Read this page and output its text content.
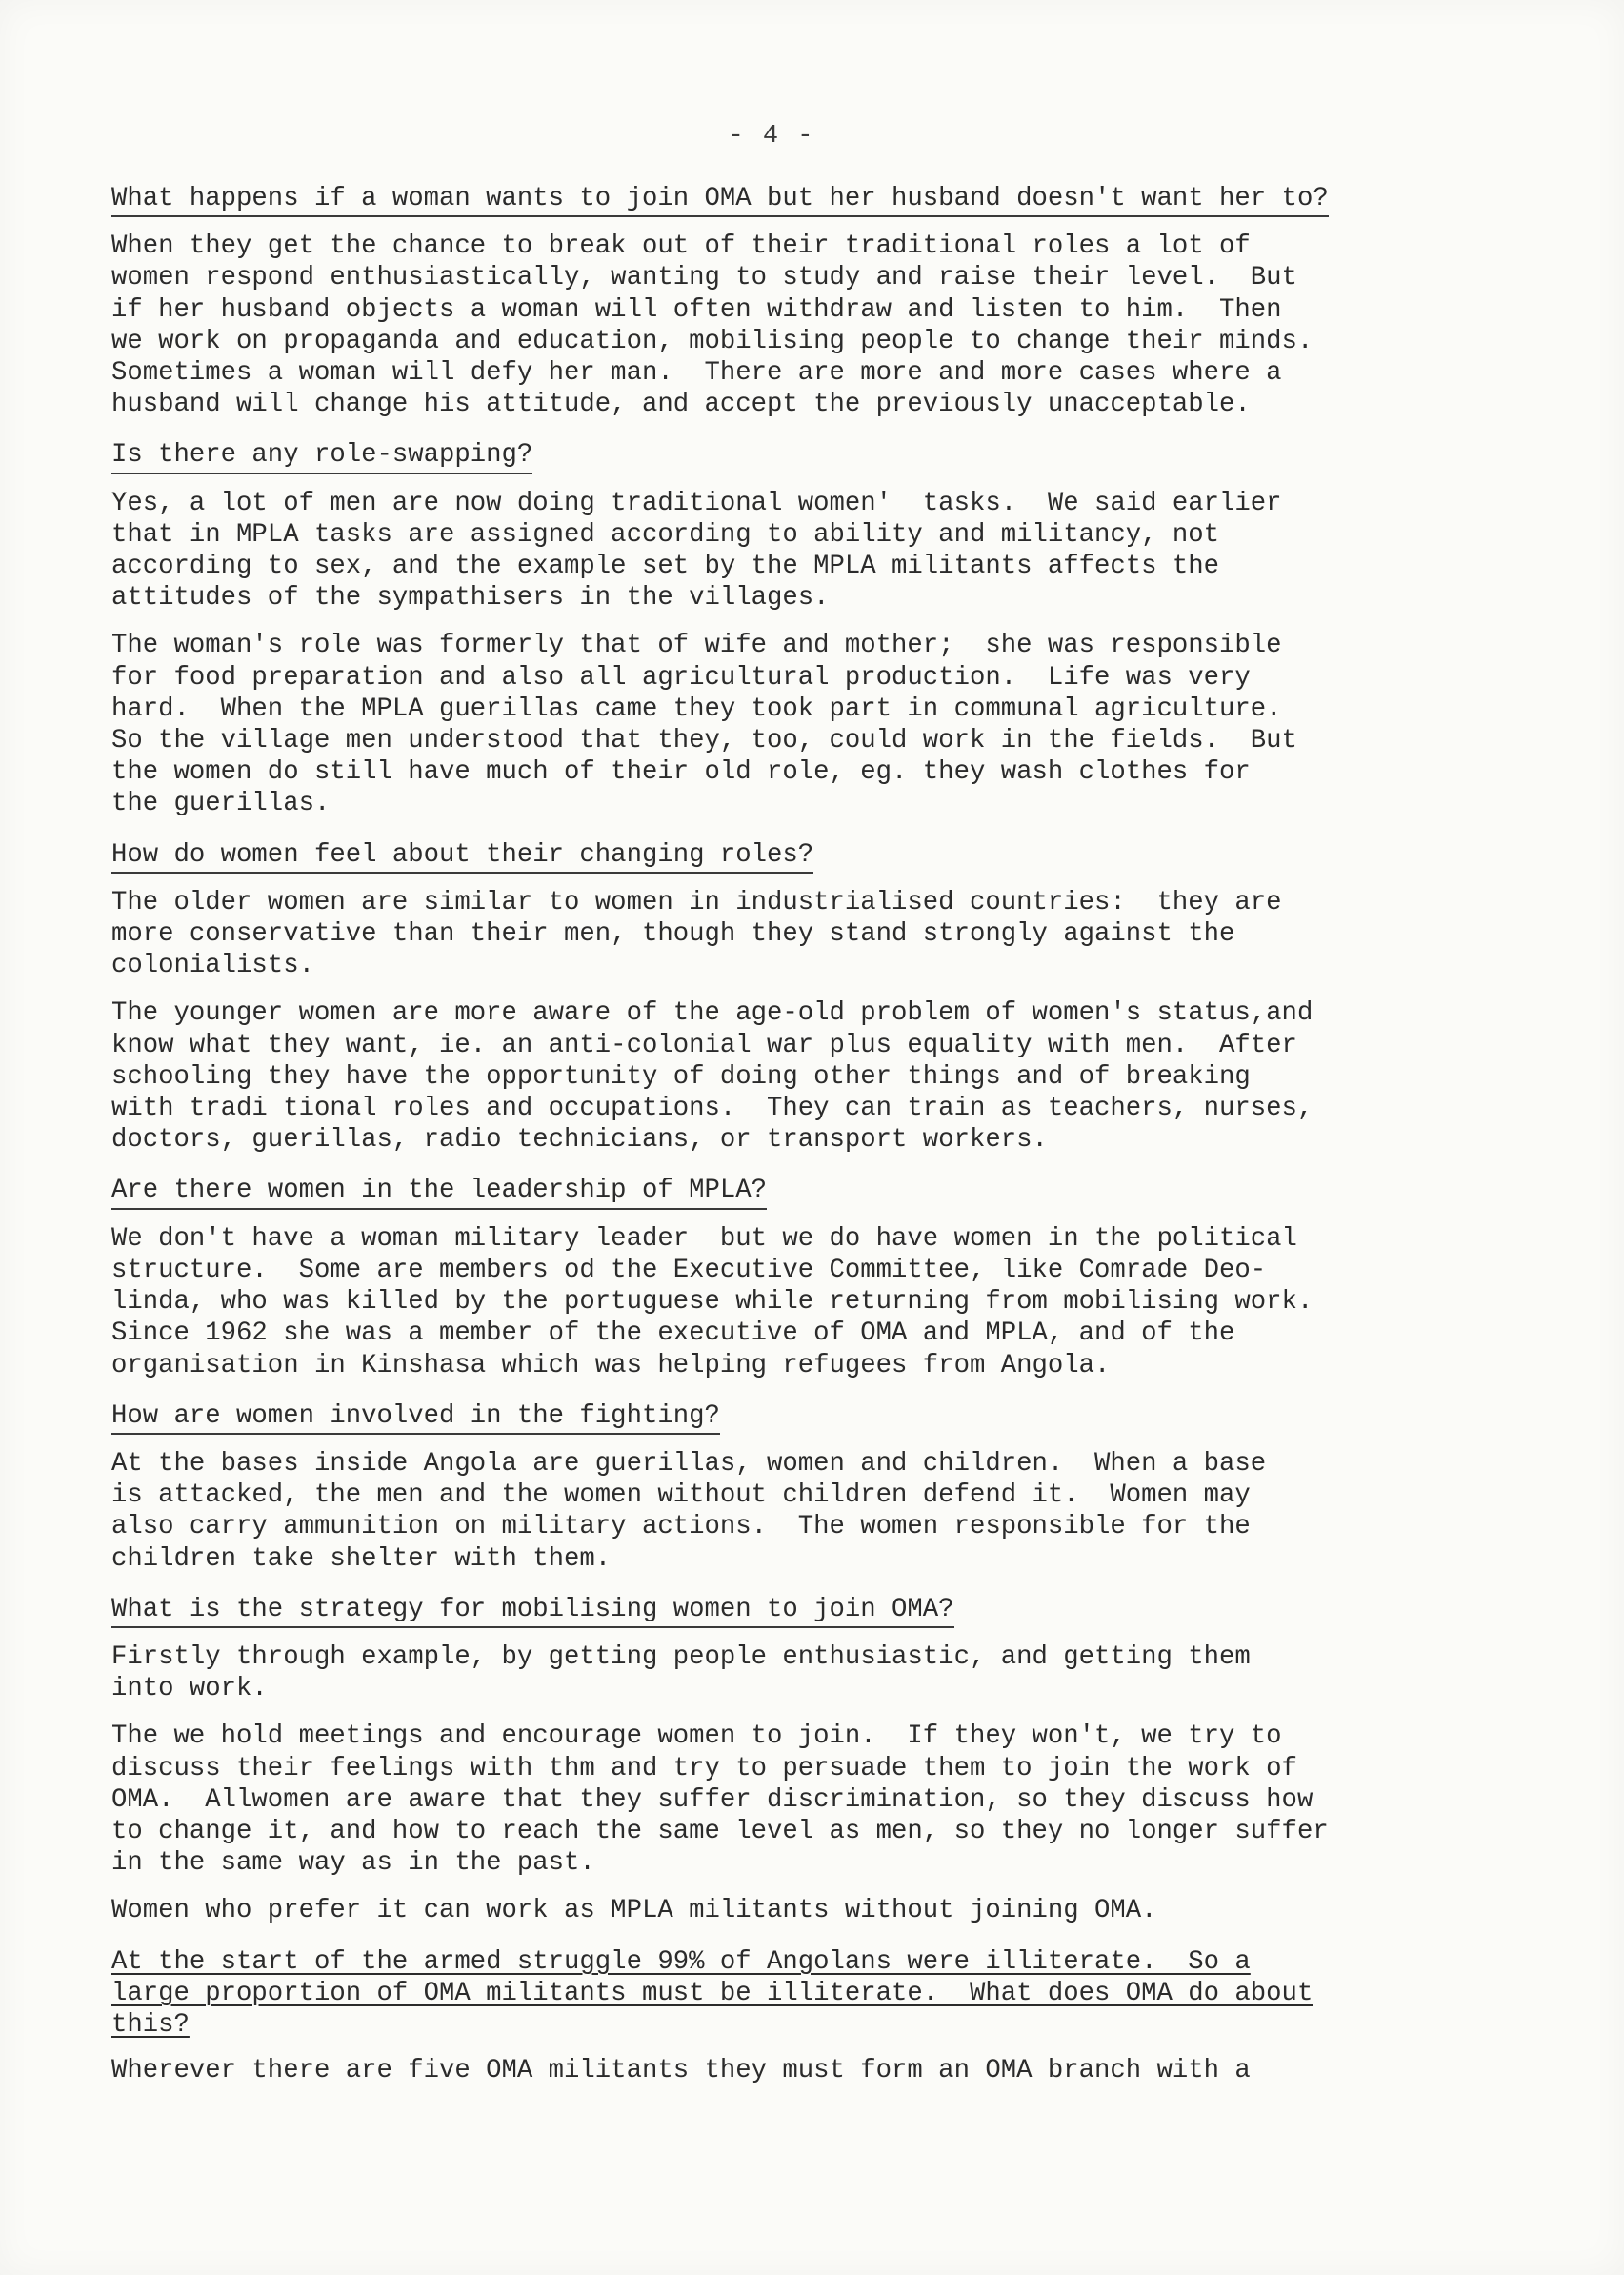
- 4 -
What happens if a woman wants to join OMA but her husband doesn't want her to?

When they get the chance to break out of their traditional roles a lot of
women respond enthusiastically, wanting to study and raise their level.  But
if her husband objects a woman will often withdraw and listen to him.  Then
we work on propaganda and education, mobilising people to change their minds.
Sometimes a woman will defy her man.  There are more and more cases where a
husband will change his attitude, and accept the previously unacceptable.

Is there any role-swapping?

Yes, a lot of men are now doing traditional women'  tasks.  We said earlier
that in MPLA tasks are assigned according to ability and militancy, not
according to sex, and the example set by the MPLA militants affects the
attitudes of the sympathisers in the villages.

The woman's role was formerly that of wife and mother;  she was responsible
for food preparation and also all agricultural production.  Life was very
hard.  When the MPLA guerillas came they took part in communal agriculture.
So the village men understood that they, too, could work in the fields.  But
the women do still have much of their old role, eg. they wash clothes for
the guerillas.

How do women feel about their changing roles?

The older women are similar to women in industrialised countries:  they are
more conservative than their men, though they stand strongly against the
colonialists.

The younger women are more aware of the age-old problem of women's status,and
know what they want, ie. an anti-colonial war plus equality with men.  After
schooling they have the opportunity of doing other things and of breaking
with tradi tional roles and occupations.  They can train as teachers, nurses,
doctors, guerillas, radio technicians, or transport workers.

Are there women in the leadership of MPLA?

We don't have a woman military leader  but we do have women in the political
structure.  Some are members od the Executive Committee, like Comrade Deo-
linda, who was killed by the portuguese while returning from mobilising work.
Since 1962 she was a member of the executive of OMA and MPLA, and of the
organisation in Kinshasa which was helping refugees from Angola.

How are women involved in the fighting?

At the bases inside Angola are guerillas, women and children.  When a base
is attacked, the men and the women without children defend it.  Women may
also carry ammunition on military actions.  The women responsible for the
children take shelter with them.

What is the strategy for mobilising women to join OMA?

Firstly through example, by getting people enthusiastic, and getting them
into work.

The we hold meetings and encourage women to join.  If they won't, we try to
discuss their feelings with thm and try to persuade them to join the work of
OMA.  Allwomen are aware that they suffer discrimination, so they discuss how
to change it, and how to reach the same level as men, so they no longer suffer
in the same way as in the past.

Women who prefer it can work as MPLA militants without joining OMA.

At the start of the armed struggle 99% of Angolans were illiterate.  So a
large proportion of OMA militants must be illiterate.  What does OMA do about
this?

Wherever there are five OMA militants they must form an OMA branch with a
